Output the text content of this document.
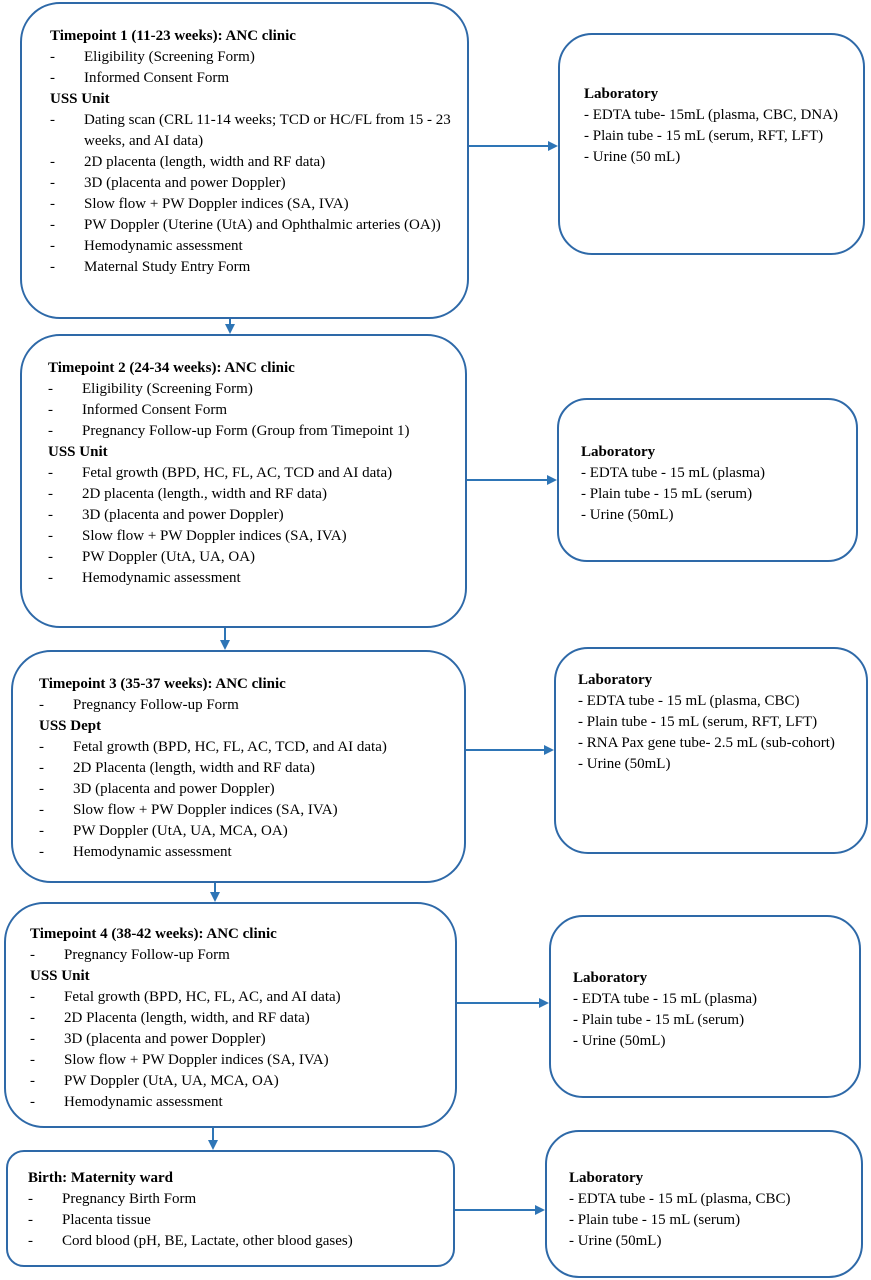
Timepoint 1 (11-23 weeks): ANC clinic
- Eligibility (Screening Form)
- Informed Consent Form
USS Unit
- Dating scan (CRL 11-14 weeks; TCD or HC/FL from 15 - 23 weeks, and AI data)
- 2D placenta (length, width and RF data)
- 3D (placenta and power Doppler)
- Slow flow + PW Doppler indices (SA, IVA)
- PW Doppler (Uterine (UtA) and Ophthalmic arteries (OA))
- Hemodynamic assessment
- Maternal Study Entry Form
Timepoint 2 (24-34 weeks): ANC clinic
- Eligibility (Screening Form)
- Informed Consent Form
- Pregnancy Follow-up Form (Group from Timepoint 1)
USS Unit
- Fetal growth (BPD, HC, FL, AC, TCD and AI data)
- 2D placenta (length., width and RF data)
- 3D (placenta and power Doppler)
- Slow flow + PW Doppler indices (SA, IVA)
- PW Doppler (UtA, UA, OA)
- Hemodynamic assessment
Timepoint 3 (35-37 weeks): ANC clinic
- Pregnancy Follow-up Form
USS Dept
- Fetal growth (BPD, HC, FL, AC, TCD, and AI data)
- 2D Placenta (length, width and RF data)
- 3D (placenta and power Doppler)
- Slow flow + PW Doppler indices (SA, IVA)
- PW Doppler (UtA, UA, MCA, OA)
- Hemodynamic assessment
Timepoint 4 (38-42 weeks): ANC clinic
- Pregnancy Follow-up Form
USS Unit
- Fetal growth (BPD, HC, FL, AC, and AI data)
- 2D Placenta (length, width, and RF data)
- 3D (placenta and power Doppler)
- Slow flow + PW Doppler indices (SA, IVA)
- PW Doppler (UtA, UA, MCA, OA)
- Hemodynamic assessment
Birth: Maternity ward
- Pregnancy Birth Form
- Placenta tissue
- Cord blood (pH, BE, Lactate, other blood gases)
Laboratory
- EDTA tube- 15mL (plasma, CBC, DNA)
- Plain tube - 15 mL (serum, RFT, LFT)
- Urine (50 mL)
Laboratory
- EDTA tube - 15 mL (plasma)
- Plain tube - 15 mL (serum)
- Urine (50mL)
Laboratory
- EDTA tube - 15 mL (plasma, CBC)
- Plain tube - 15 mL (serum, RFT, LFT)
- RNA Pax gene tube- 2.5 mL (sub-cohort)
- Urine (50mL)
Laboratory
- EDTA tube - 15 mL (plasma)
- Plain tube - 15 mL (serum)
- Urine (50mL)
Laboratory
- EDTA tube - 15 mL (plasma, CBC)
- Plain tube - 15 mL (serum)
- Urine (50mL)
